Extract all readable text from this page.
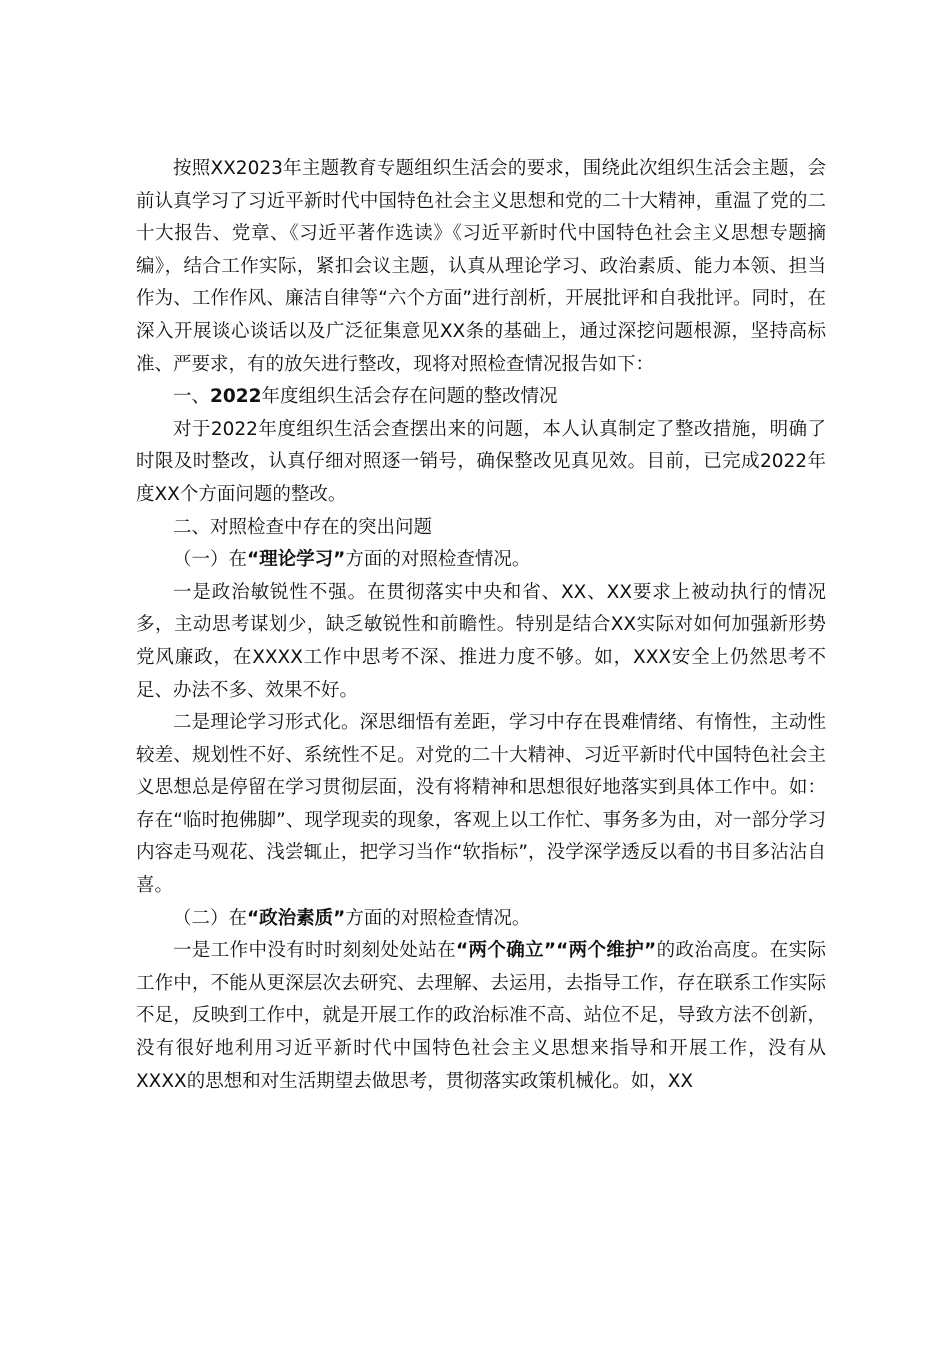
按照XX2023年主题教育专题组织生活会的要求，围绕此次组织生活会主题，会前认真学习了习近平新时代中国特色社会主义思想和党的二十大精神，重温了党的二十大报告、党章、《习近平著作选读》《习近平新时代中国特色社会主义思想专题摘编》，结合工作实际，紧扣会议主题，认真从理论学习、政治素质、能力本领、担当作为、工作作风、廉洁自律等“六个方面”进行剖析，开展批评和自我批评。同时，在深入开展谈心谈话以及广泛征集意见XX条的基础上，通过深挖问题根源，坚持高标准、严要求，有的放矢进行整改，现将对照检查情况报告如下：

一、2022年度组织生活会存在问题的整改情况

对于2022年度组织生活会查摆出来的问题，本人认真制定了整改措施，明确了时限及时整改，认真仔细对照逐一销号，确保整改见真见效。目前，已完成2022年度XX个方面问题的整改。

二、对照检查中存在的突出问题

（一）在“理论学习”方面的对照检查情况。

一是政治敏锐性不强。在贯彻落实中央和省、XX、XX要求上被动执行的情况多，主动思考谋划少，缺乏敏锐性和前瞻性。特别是结合XX实际对如何加强新形势党风廉政，在XXXX工作中思考不深、推进力度不够。如，XXX安全上仍然思考不足、办法不多、效果不好。

二是理论学习形式化。深思细悟有差距，学习中存在畏难情绪、有惰性，主动性较差、规划性不好、系统性不足。对党的二十大精神、习近平新时代中国特色社会主义思想总是停留在学习贯彻层面，没有将精神和思想很好地落实到具体工作中。如：存在“临时抱佛脚”、现学现卖的现象，客观上以工作忙、事务多为由，对一部分学习内容走马观花、浅尝辄止，把学习当作“软指标”，没学深学透反以看的书目多沾沾自喜。

（二）在“政治素质”方面的对照检查情况。

一是工作中没有时时刻刻处处站在“两个确立”“两个维护”的政治高度。在实际工作中，不能从更深层次去研究、去理解、去运用，去指导工作，存在联系工作实际不足，反映到工作中，就是开展工作的政治标准不高、站位不足，导致方法不创新，没有很好地利用习近平新时代中国特色社会主义思想来指导和开展工作，没有从XXXX的思想和对生活期望去做思考，贯彻落实政策机械化。如，XX
